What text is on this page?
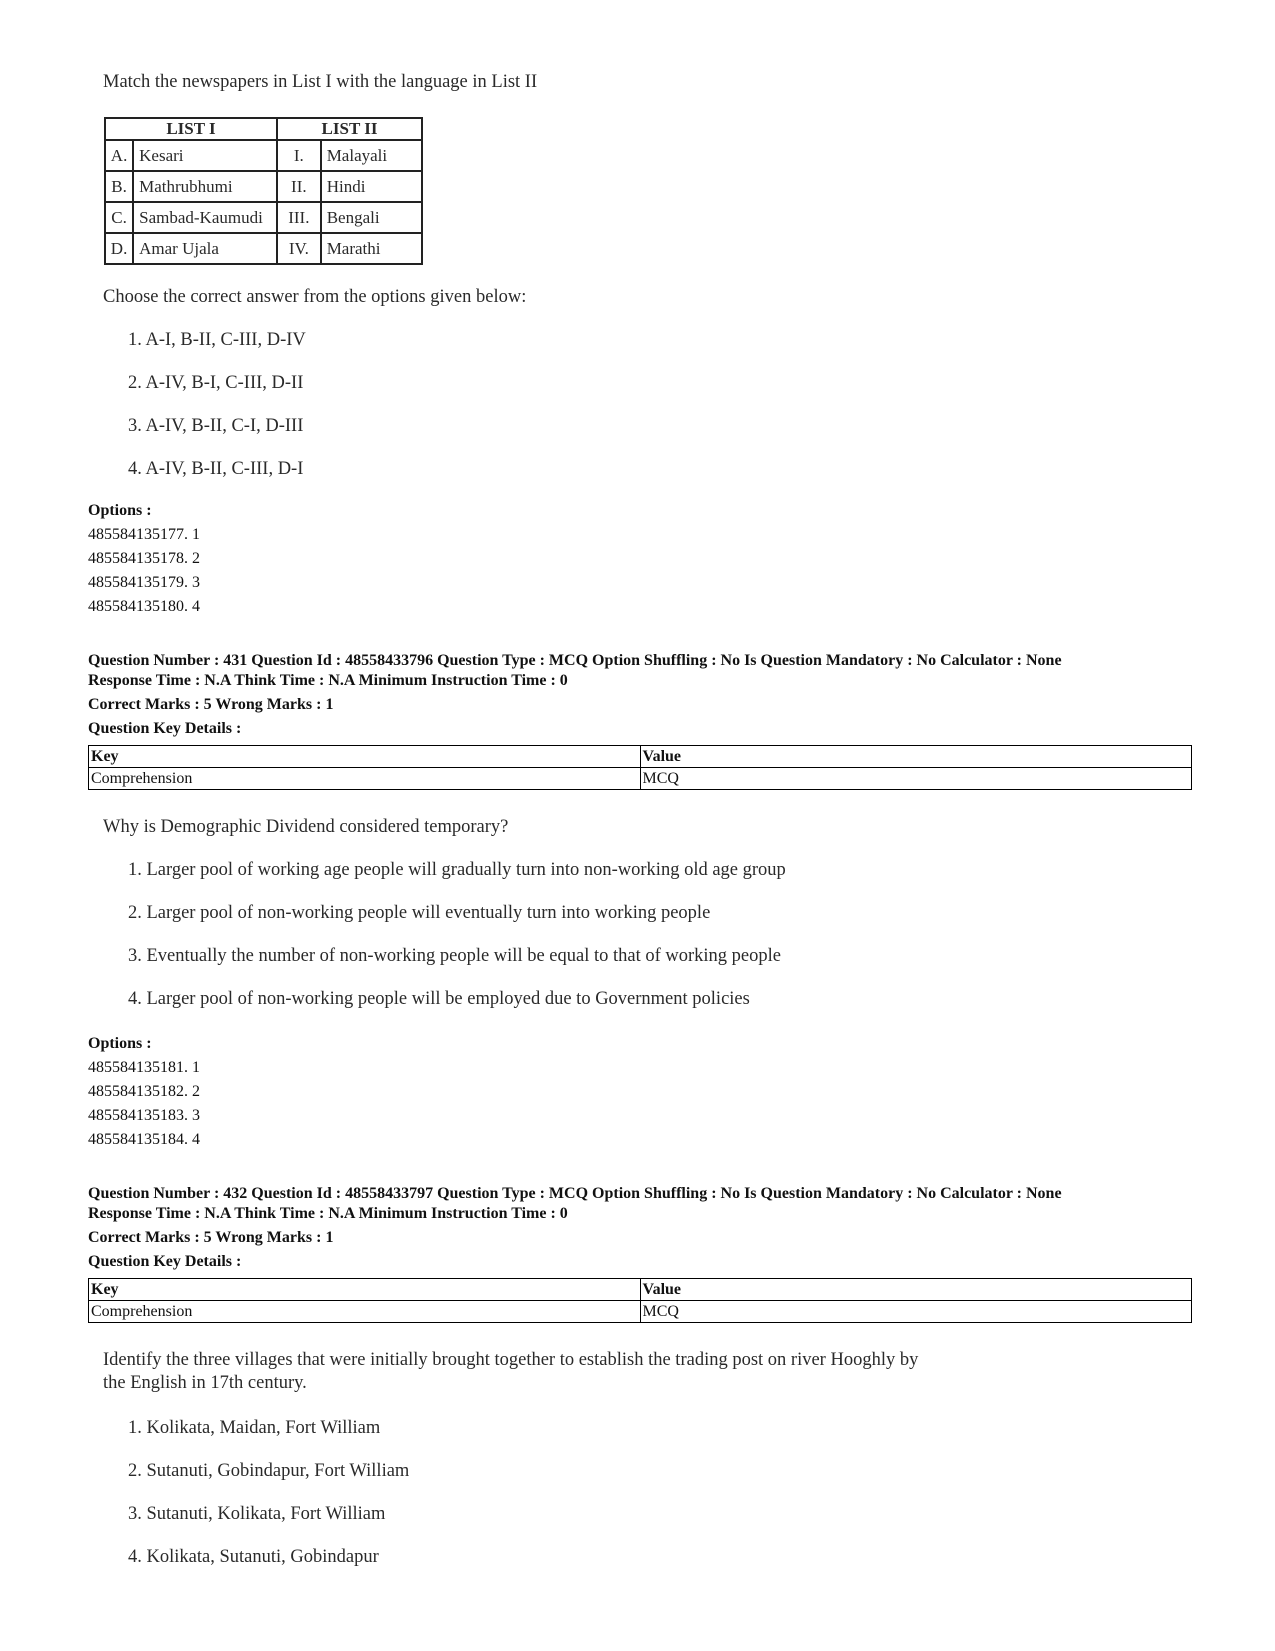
Match the newspapers in List I with the language in List II
LIST I		LIST II	
A.	Kesari	I.	Malayali
B.	Mathrubhumi	II.	Hindi
C.	Sambad-Kaumudi	III.	Bengali
D.	Amar Ujala	IV.	Marathi
Choose the correct answer from the options given below:
1. A-I, B-II, C-III, D-IV
2. A-IV, B-I, C-III, D-II
3. A-IV, B-II, C-I, D-III
4. A-IV, B-II, C-III, D-I
Options :
485584135177. 1
485584135178. 2
485584135179. 3
485584135180. 4
Question Number : 431 Question Id : 48558433796 Question Type : MCQ Option Shuffling : No Is Question Mandatory : No Calculator : None
Response Time : N.A Think Time : N.A Minimum Instruction Time : 0
Correct Marks : 5 Wrong Marks : 1
Question Key Details :
Key	Value
Comprehension	MCQ
Why is Demographic Dividend considered temporary?
1. Larger pool of working age people will gradually turn into non-working old age group
2. Larger pool of non-working people will eventually turn into working people
3. Eventually the number of non-working people will be equal to that of working people
4. Larger pool of non-working people will be employed due to Government policies
Options :
485584135181. 1
485584135182. 2
485584135183. 3
485584135184. 4
Question Number : 432 Question Id : 48558433797 Question Type : MCQ Option Shuffling : No Is Question Mandatory : No Calculator : None
Response Time : N.A Think Time : N.A Minimum Instruction Time : 0
Correct Marks : 5 Wrong Marks : 1
Question Key Details :
Key	Value
Comprehension	MCQ
Identify the three villages that were initially brought together to establish the trading post on river Hooghly by
the English in 17th century.
1. Kolikata, Maidan, Fort William
2. Sutanuti, Gobindapur, Fort William
3. Sutanuti, Kolikata, Fort William
4. Kolikata, Sutanuti, Gobindapur
